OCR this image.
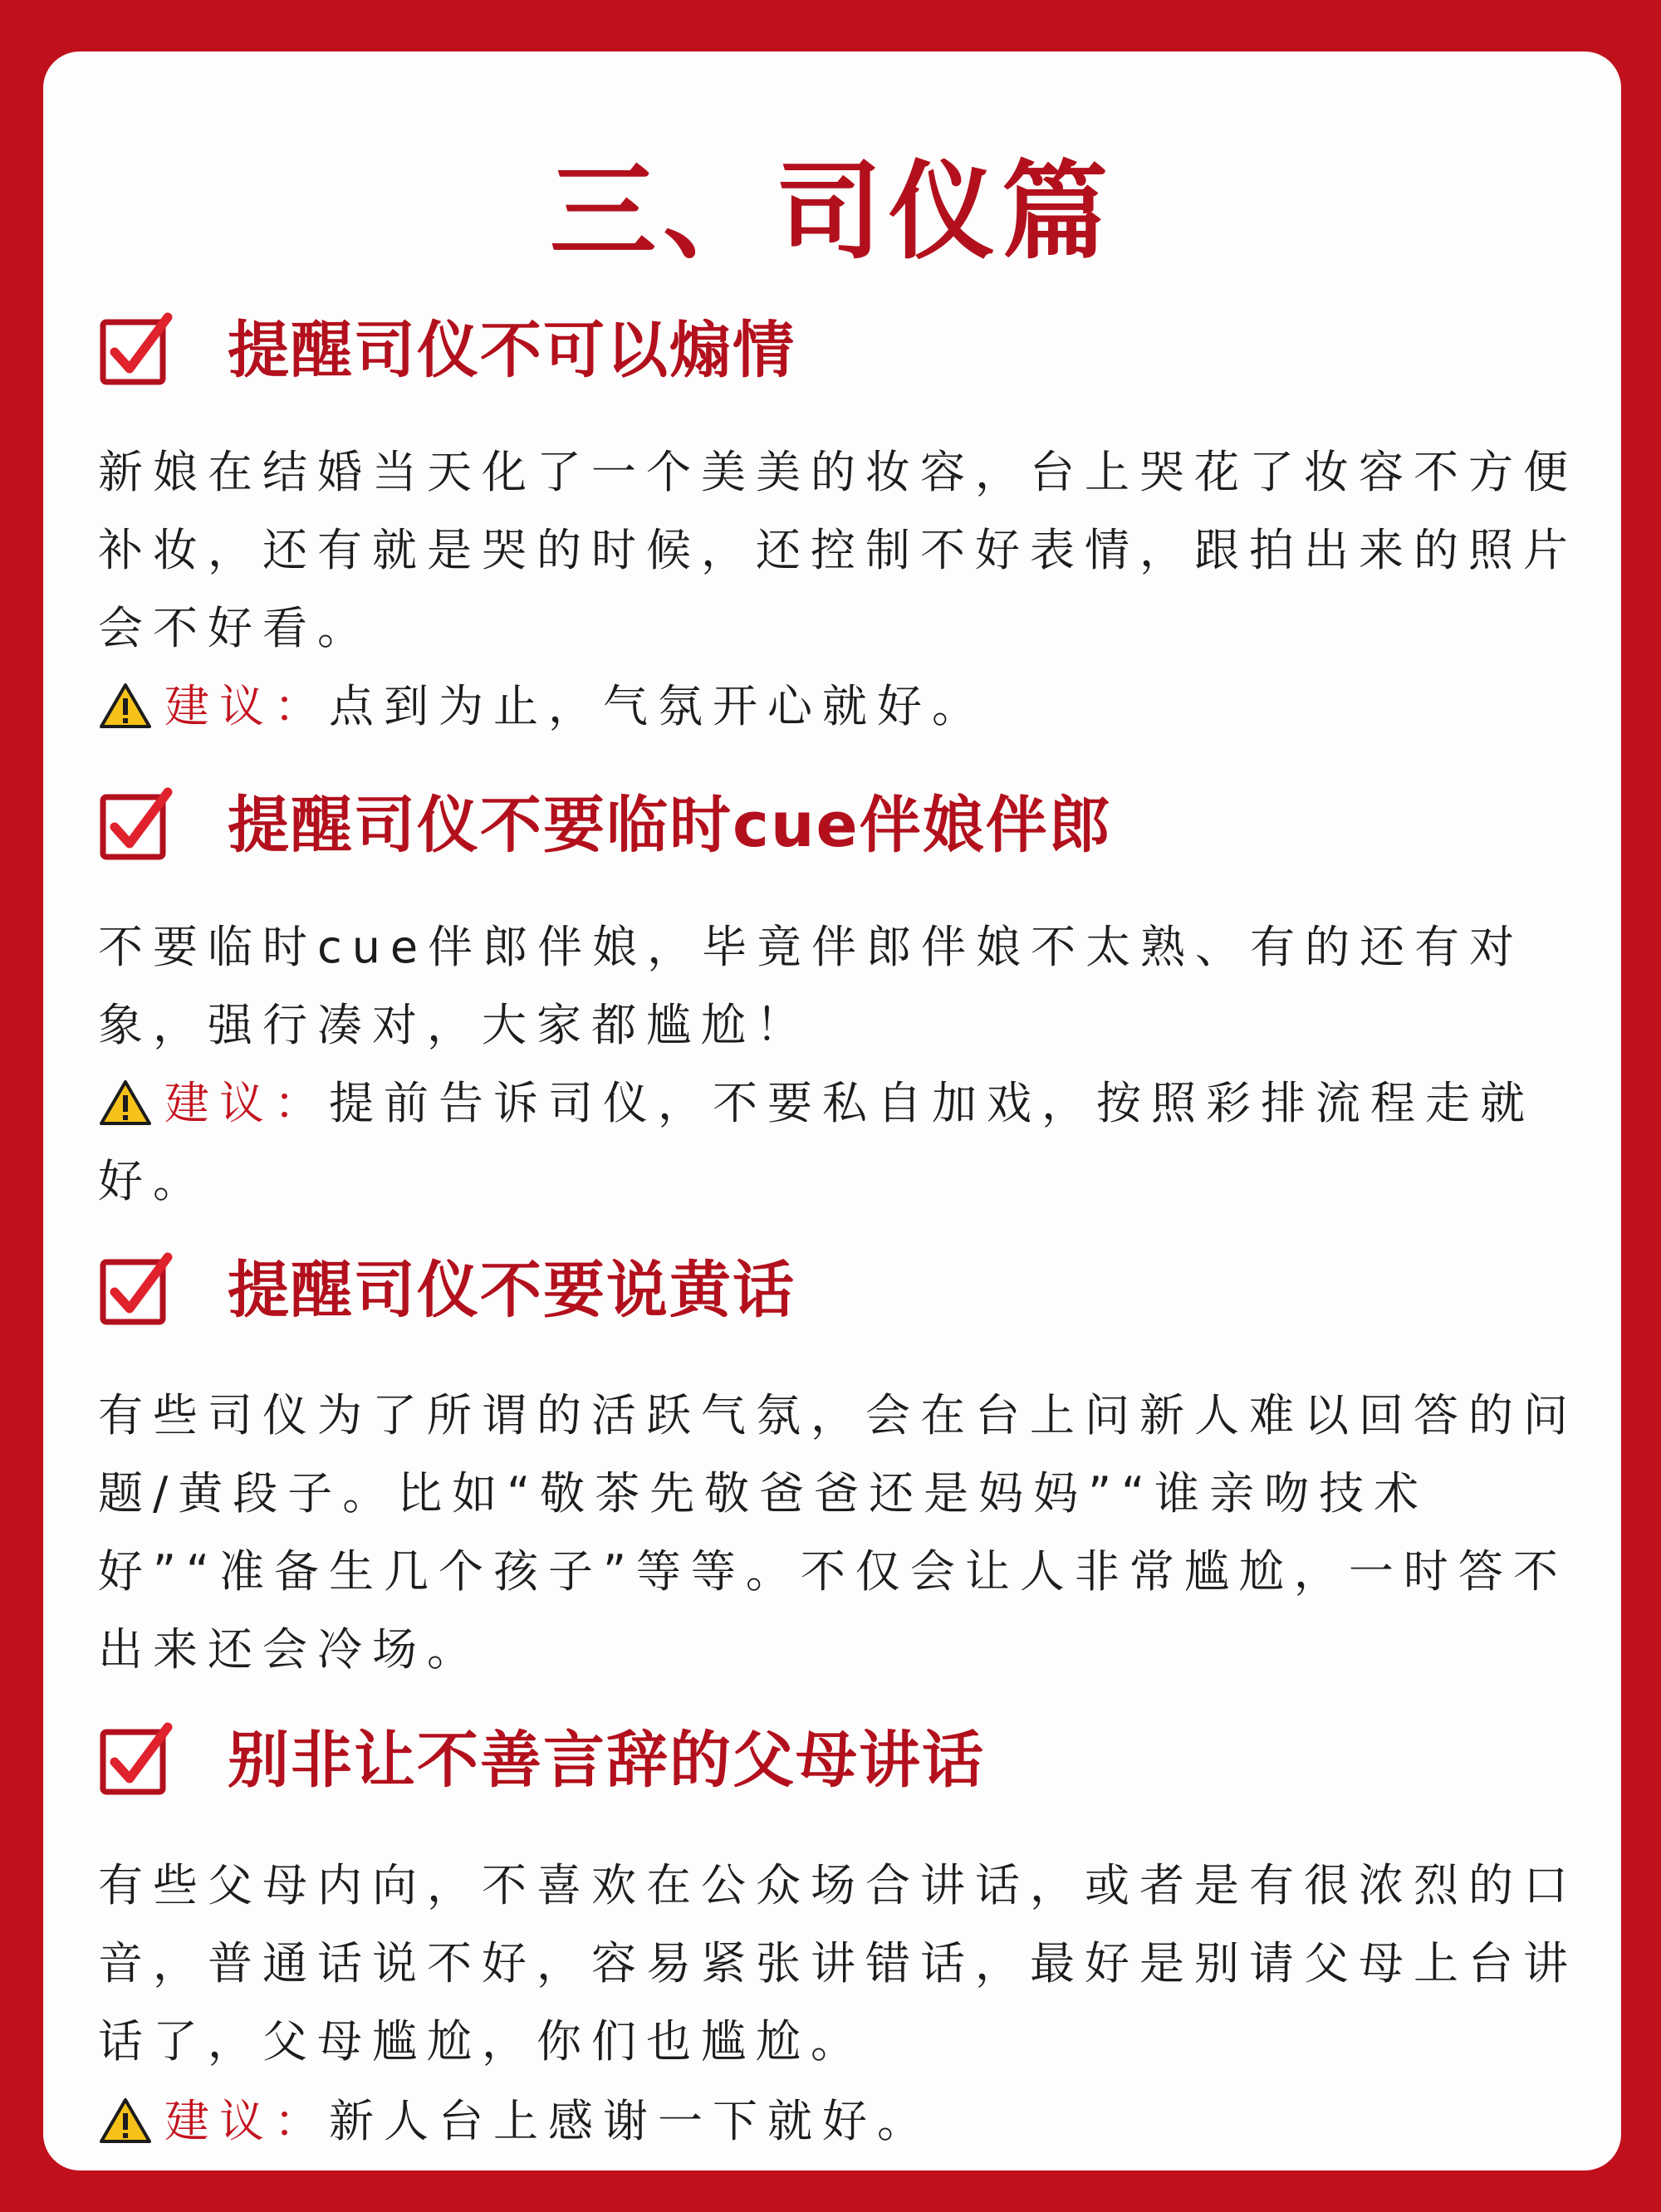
三、司仪篇
提醒司仪不可以煽情

新娘在结婚当天化了一个美美的妆容，台上哭花了妆容不方便补妆，还有就是哭的时候，还控制不好表情，跟拍出来的照片会不好看。

建议：点到为止，气氛开心就好。

提醒司仪不要临时cue伴娘伴郎

不要临时cue伴郎伴娘，毕竟伴郎伴娘不太熟、有的还有对象，强行凑对，大家都尴尬！

建议：提前告诉司仪，不要私自加戏，按照彩排流程走就好。

提醒司仪不要说黄话

有些司仪为了所谓的活跃气氛，会在台上问新人难以回答的问题/黄段子。比如“敬茶先敬爸爸还是妈妈”“谁亲吻技术好”“准备生几个孩子”等等。不仅会让人非常尴尬，一时答不出来还会冷场。

别非让不善言辞的父母讲话

有些父母内向，不喜欢在公众场合讲话，或者是有很浓烈的口音，普通话说不好，容易紧张讲错话，最好是别请父母上台讲话了，父母尴尬，你们也尴尬。

建议：新人台上感谢一下就好。
